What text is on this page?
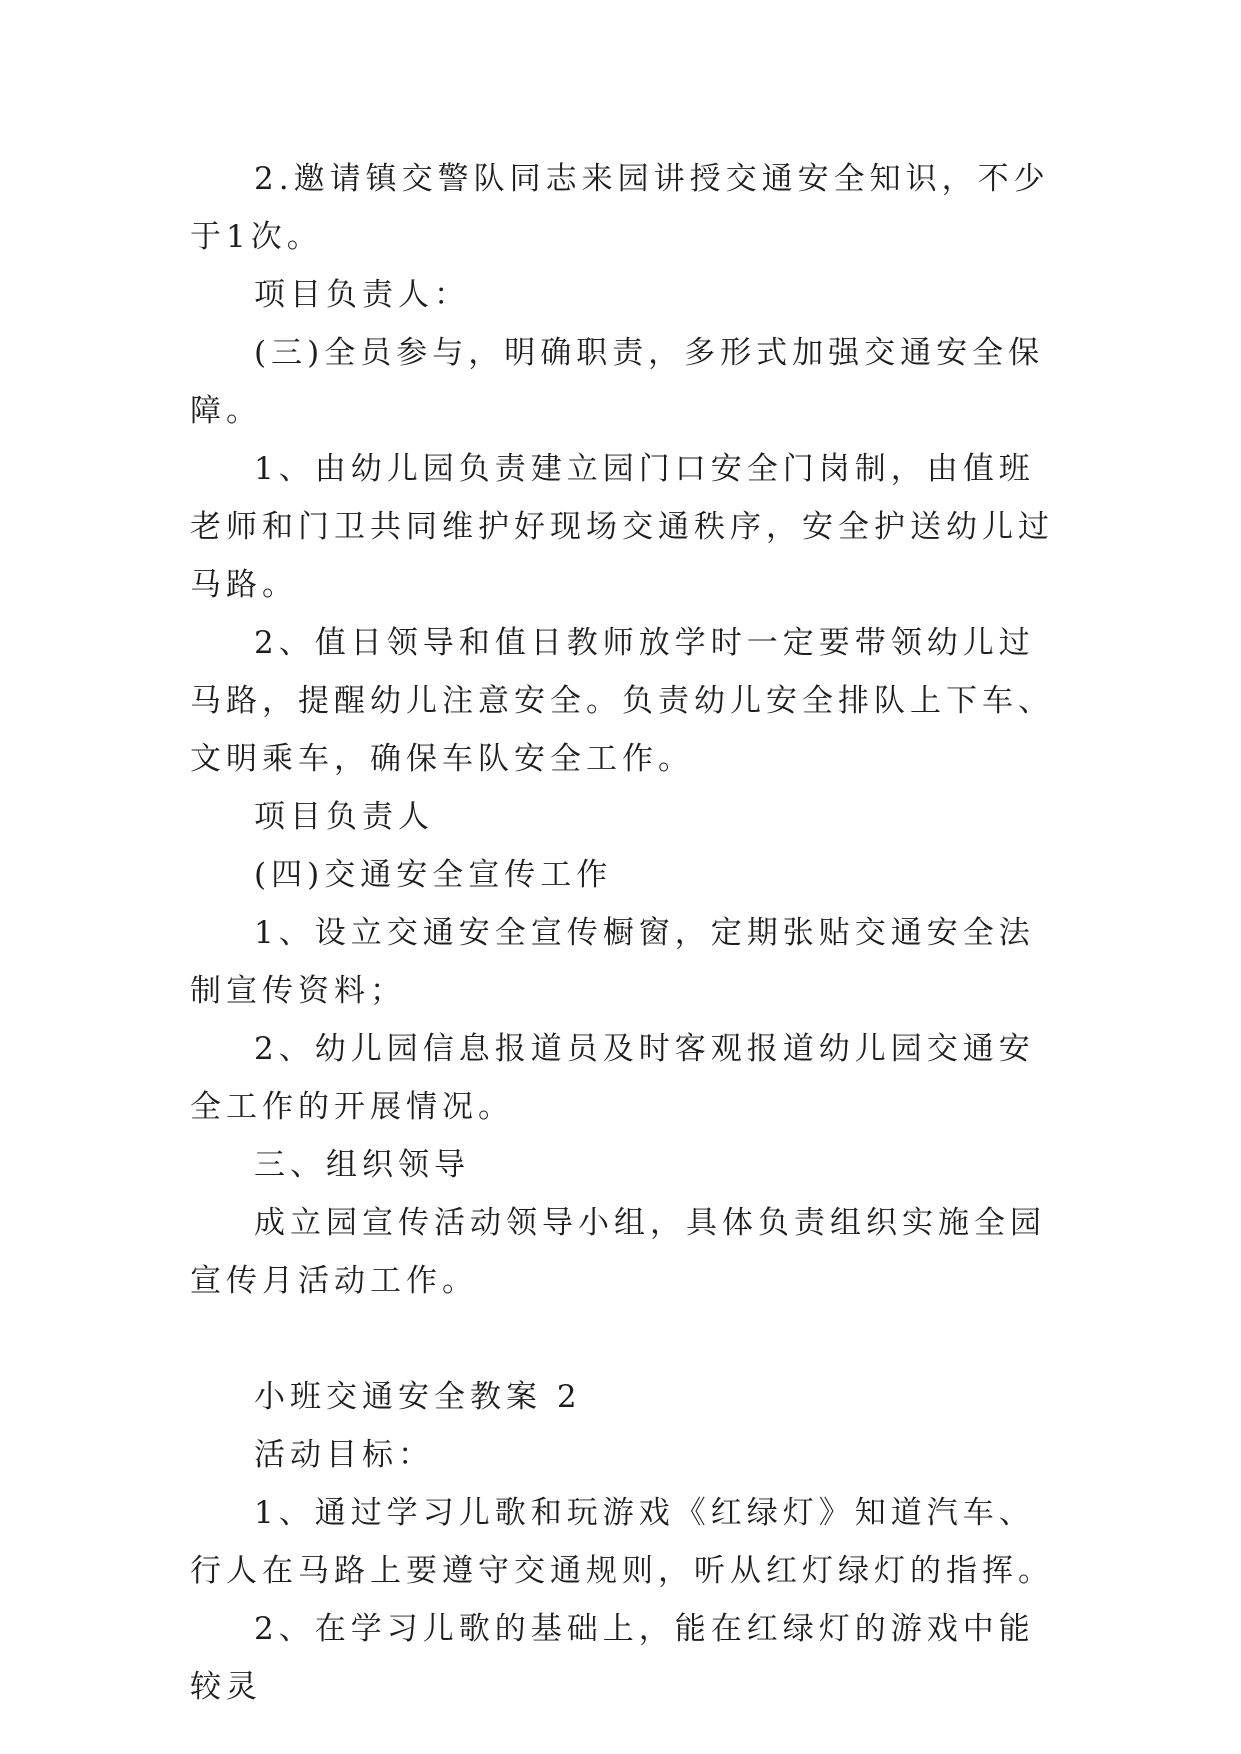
2.邀请镇交警队同志来园讲授交通安全知识，不少于1次。

项目负责人：

(三)全员参与，明确职责，多形式加强交通安全保障。

1、由幼儿园负责建立园门口安全门岗制，由值班老师和门卫共同维护好现场交通秩序，安全护送幼儿过马路。

2、值日领导和值日教师放学时一定要带领幼儿过马路，提醒幼儿注意安全。负责幼儿安全排队上下车、文明乘车，确保车队安全工作。

项目负责人

(四)交通安全宣传工作

1、设立交通安全宣传橱窗，定期张贴交通安全法制宣传资料；

2、幼儿园信息报道员及时客观报道幼儿园交通安全工作的开展情况。

三、组织领导

成立园宣传活动领导小组，具体负责组织实施全园宣传月活动工作。

小班交通安全教案 2

活动目标：

1、通过学习儿歌和玩游戏《红绿灯》知道汽车、行人在马路上要遵守交通规则，听从红灯绿灯的指挥。

2、在学习儿歌的基础上，能在红绿灯的游戏中能较灵
